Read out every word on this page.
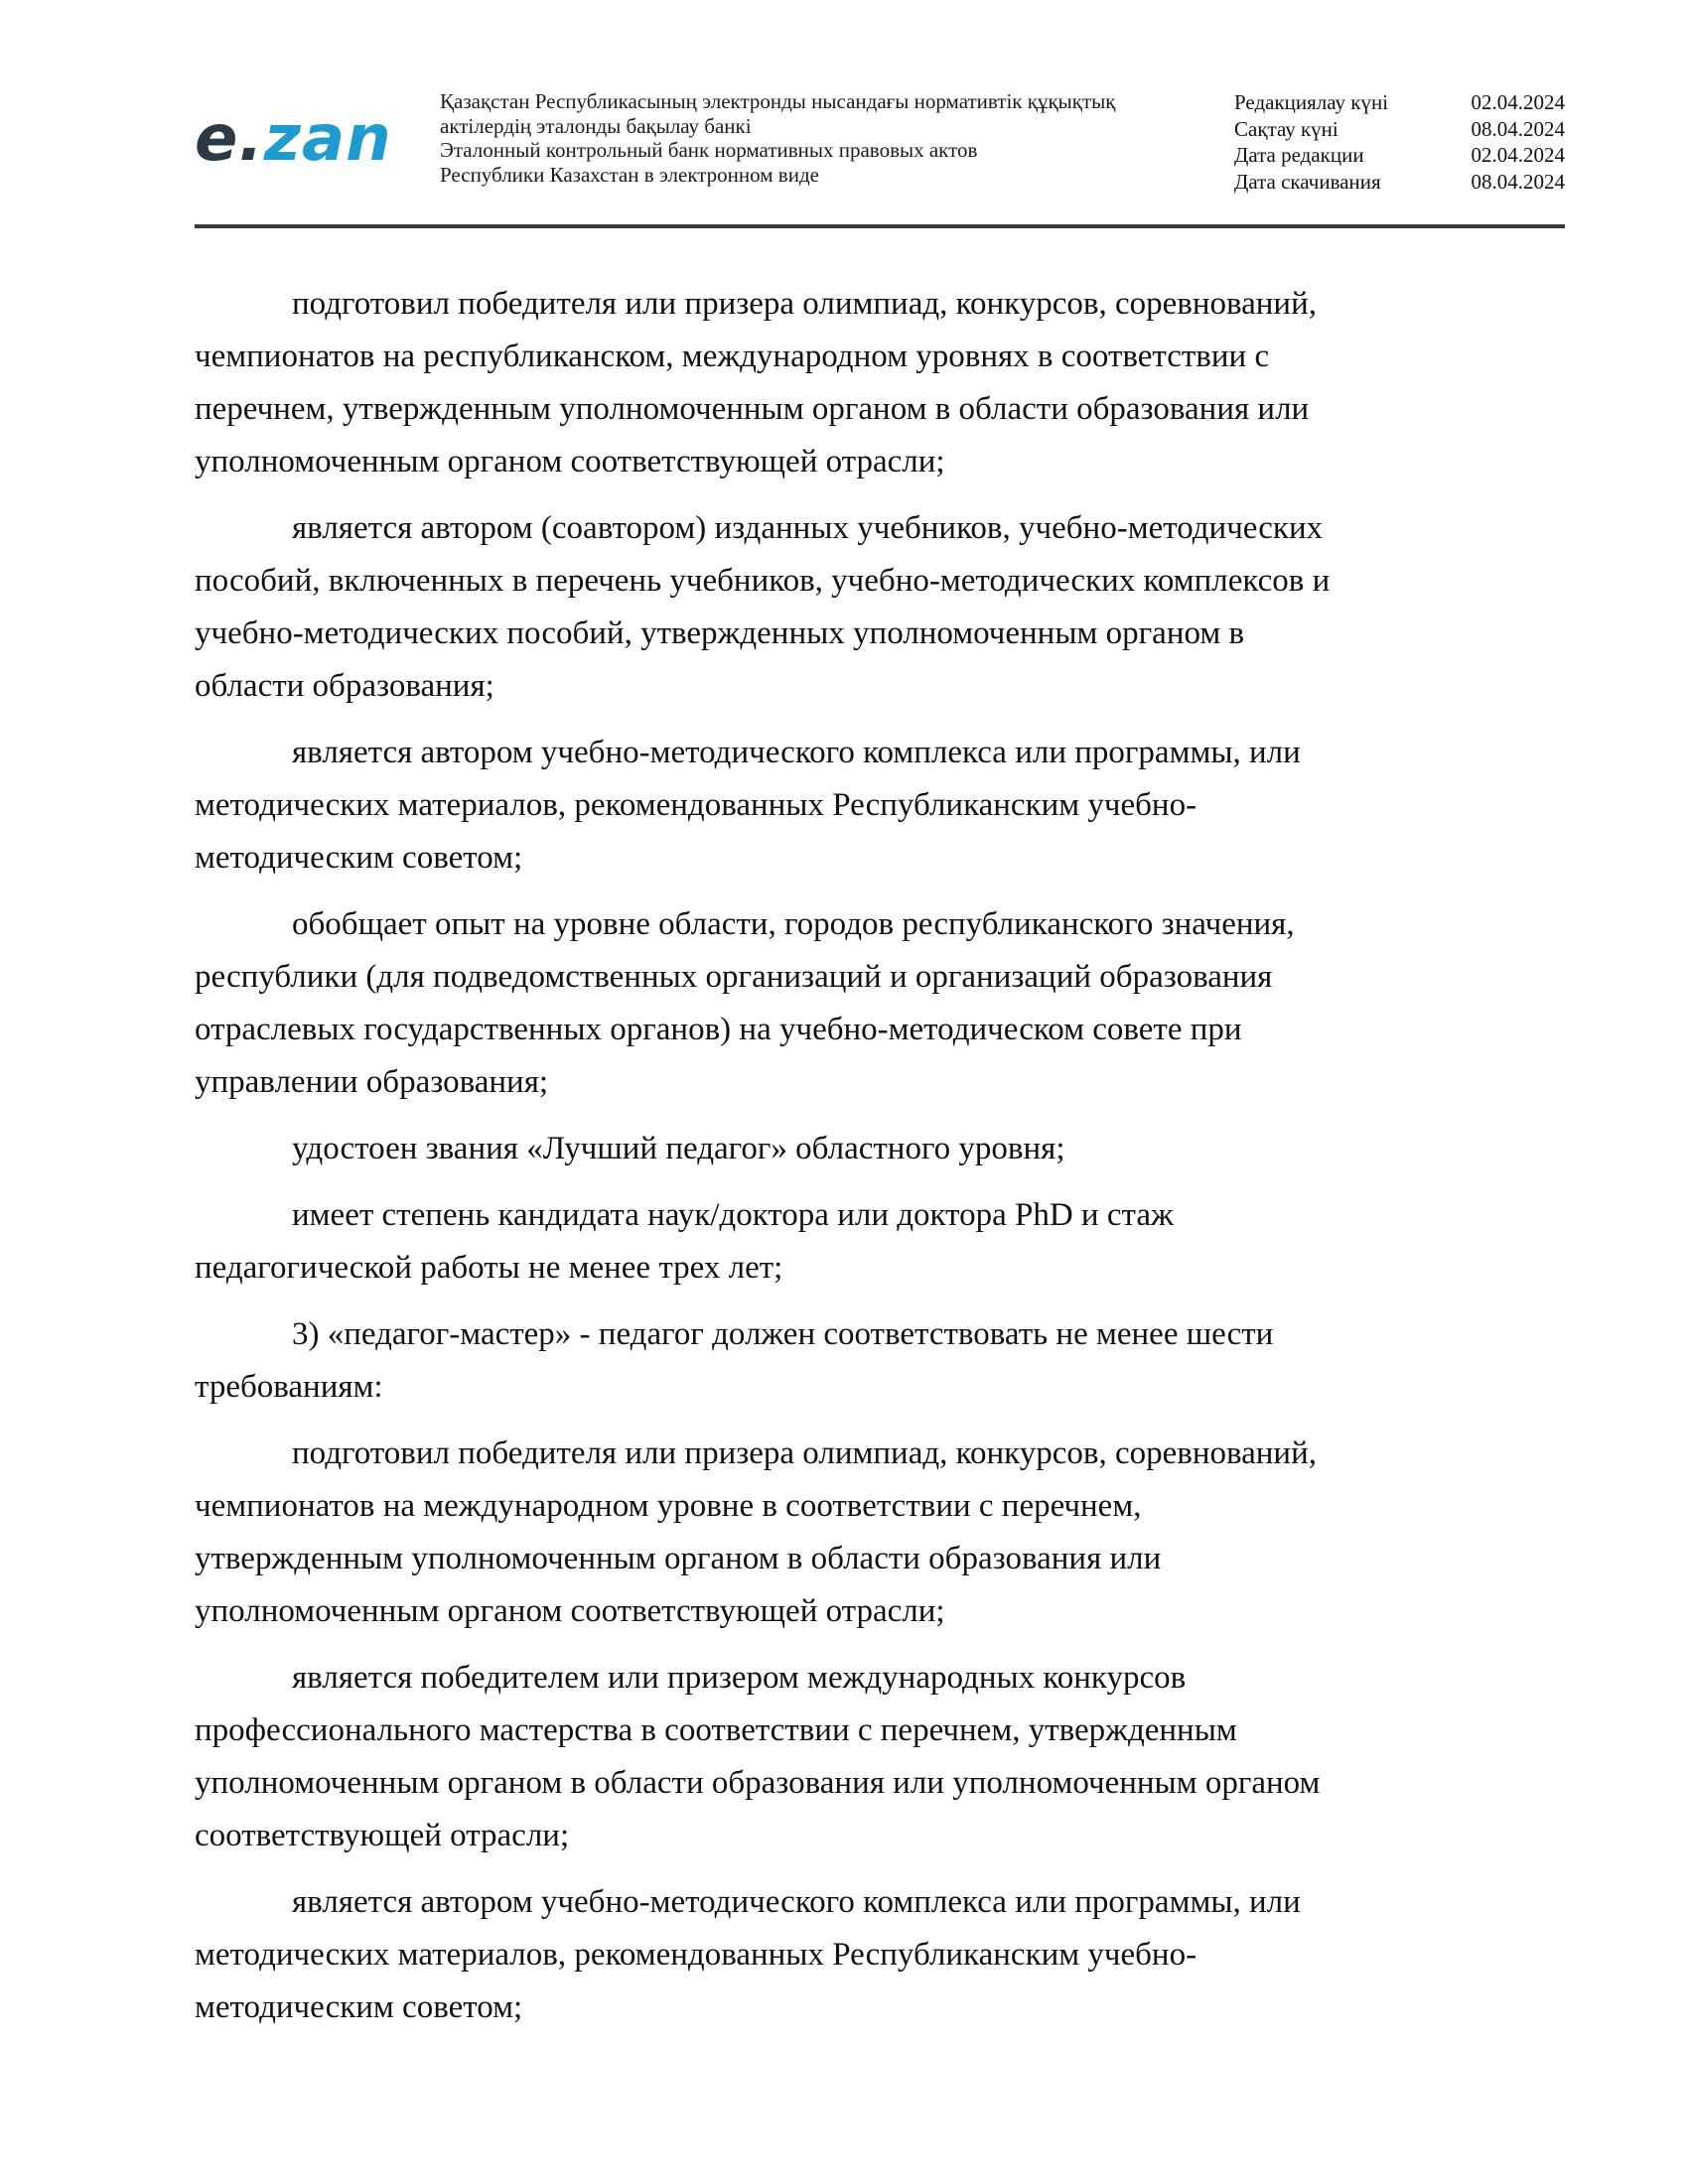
e.zan
Қазақстан Республикасының электронды нысандағы нормативтік құқықтық
актілердің эталонды бақылау банкі
Эталонный контрольный банк нормативных правовых актов
Республики Казахстан в электронном виде
Редакциялау күні	02.04.2024
Сақтау күні	08.04.2024
Дата редакции	02.04.2024
Дата скачивания	08.04.2024
подготовил победителя или призера олимпиад, конкурсов, соревнований,
чемпионатов на республиканском, международном уровнях в соответствии с
перечнем, утвержденным уполномоченным органом в области образования или
уполномоченным органом соответствующей отрасли;
является автором (соавтором) изданных учебников, учебно-методических
пособий, включенных в перечень учебников, учебно-методических комплексов и
учебно-методических пособий, утвержденных уполномоченным органом в
области образования;
является автором учебно-методического комплекса или программы, или
методических материалов, рекомендованных Республиканским учебно-
методическим советом;
обобщает опыт на уровне области, городов республиканского значения,
республики (для подведомственных организаций и организаций образования
отраслевых государственных органов) на учебно-методическом совете при
управлении образования;
удостоен звания «Лучший педагог» областного уровня;
имеет степень кандидата наук/доктора или доктора PhD и стаж
педагогической работы не менее трех лет;
3) «педагог-мастер» - педагог должен соответствовать не менее шести
требованиям:
подготовил победителя или призера олимпиад, конкурсов, соревнований,
чемпионатов на международном уровне в соответствии с перечнем,
утвержденным уполномоченным органом в области образования или
уполномоченным органом соответствующей отрасли;
является победителем или призером международных конкурсов
профессионального мастерства в соответствии с перечнем, утвержденным
уполномоченным органом в области образования или уполномоченным органом
соответствующей отрасли;
является автором учебно-методического комплекса или программы, или
методических материалов, рекомендованных Республиканским учебно-
методическим советом;
